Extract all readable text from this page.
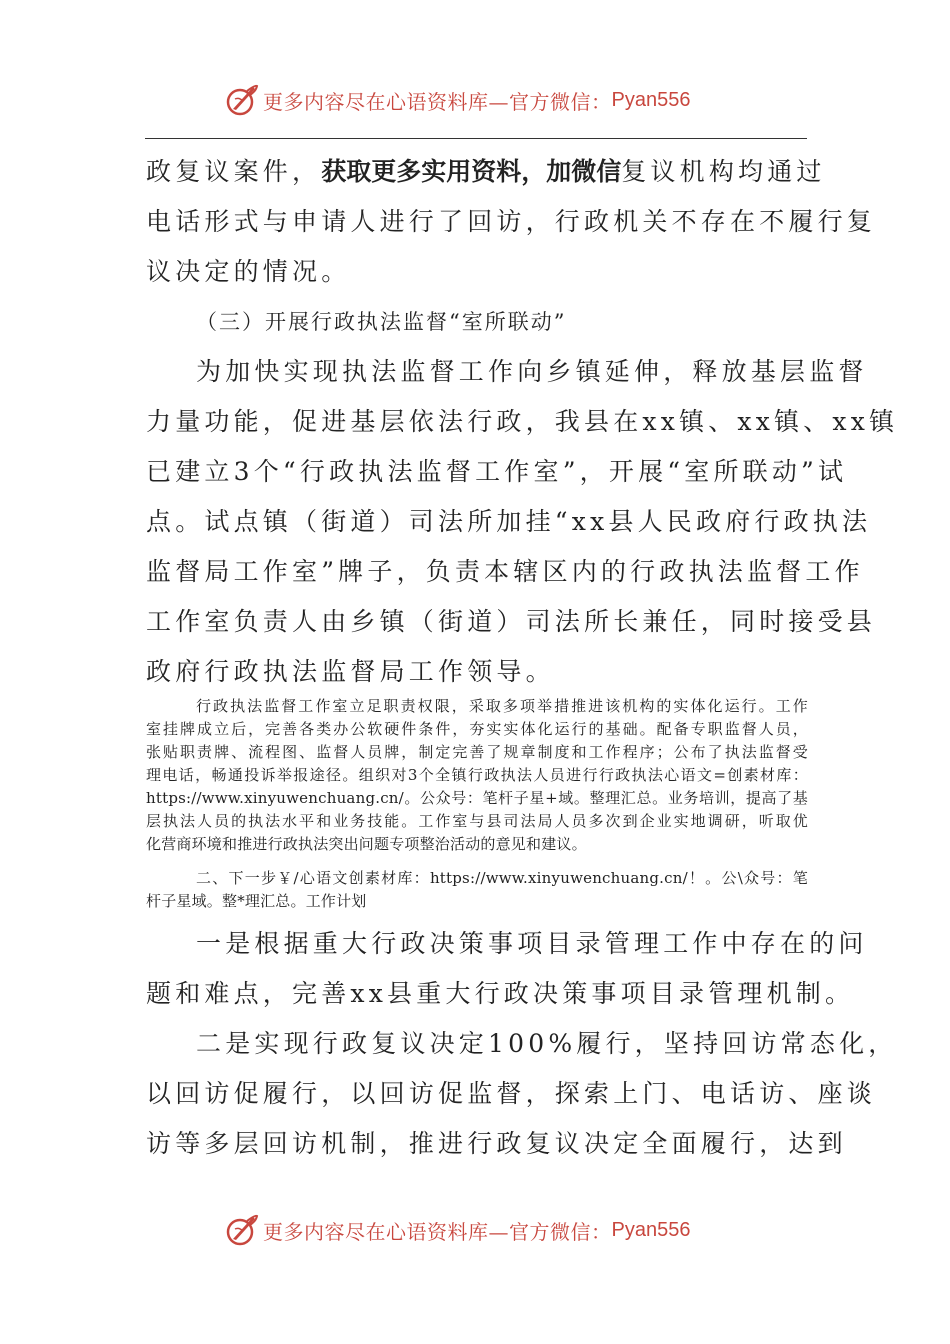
更多内容尽在心语资料库—官方微信： Pyan556
政复议案件，获取更多实用资料，加微信复议机构均通过
电话形式与申请人进行了回访，行政机关不存在不履行复
议决定的情况。
（三）开展行政执法监督“室所联动”
为加快实现执法监督工作向乡镇延伸，释放基层监督
力量功能，促进基层依法行政，我县在xx镇、xx镇、xx镇
已建立3个“行政执法监督工作室”，开展“室所联动”试
点。试点镇（街道）司法所加挂“xx县人民政府行政执法
监督局工作室”牌子，负责本辖区内的行政执法监督工作
工作室负责人由乡镇（街道）司法所长兼任，同时接受县
政府行政执法监督局工作领导。
行政执法监督工作室立足职责权限，采取多项举措推进该机构的实体化运行。工作
室挂牌成立后，完善各类办公软硬件条件，夯实实体化运行的基础。配备专职监督人员，
张贴职责牌、流程图、监督人员牌，制定完善了规章制度和工作程序；公布了执法监督受
理电话，畅通投诉举报途径。组织对3个全镇行政执法人员进行行政执法心语文=创素材库：
https://www.xinyuwenchuang.cn/。公众号：笔杆子星+域。整理汇总。业务培训，提高了基
层执法人员的执法水平和业务技能。工作室与县司法局人员多次到企业实地调研，听取优
化营商环境和推进行政执法突出问题专项整治活动的意见和建议。
二、下一步￥/心语文创素材库：https://www.xinyuwenchuang.cn/！。公\众号：笔
杆子星域。整*理汇总。工作计划
一是根据重大行政决策事项目录管理工作中存在的问
题和难点，完善xx县重大行政决策事项目录管理机制。
二是实现行政复议决定100%履行，坚持回访常态化，
以回访促履行，以回访促监督，探索上门、电话访、座谈
访等多层回访机制，推进行政复议决定全面履行，达到
更多内容尽在心语资料库—官方微信： Pyan556
